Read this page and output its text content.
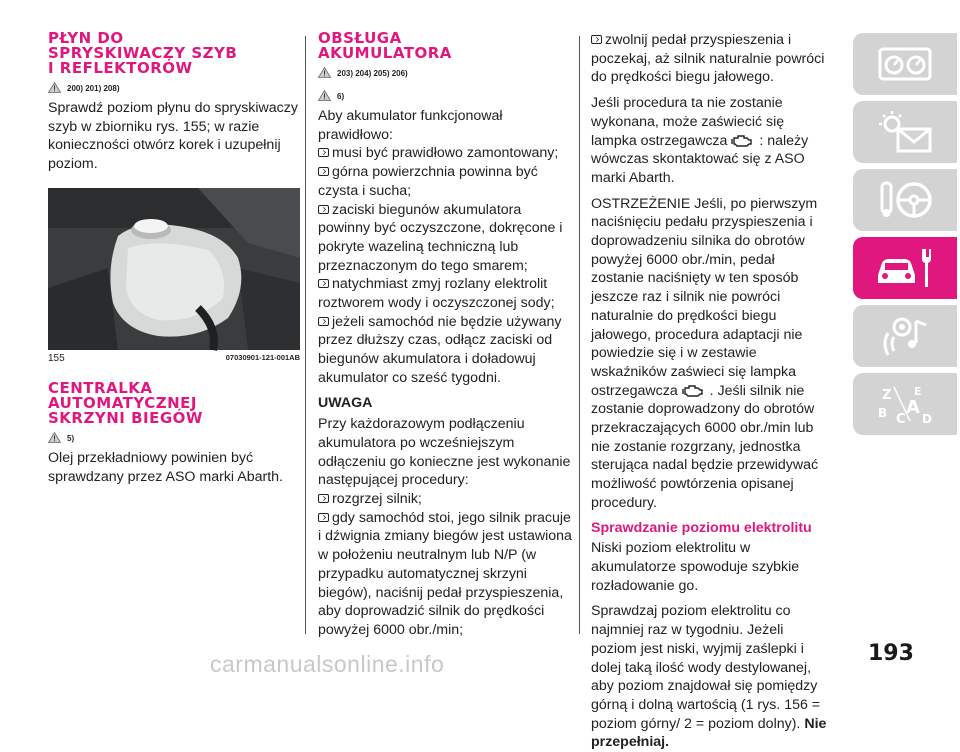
PŁYN DO
SPRYSKIWACZY SZYB
I REFLEKTORÓW
200) 201) 208)
Sprawdź poziom płynu do spryskiwaczy szyb w zbiorniku rys. 155; w razie konieczności otwórz korek i uzupełnij poziom.
155	07030901-121-001AB
CENTRALKA
AUTOMATYCZNEJ
SKRZYNI BIEGÓW
5)
Olej przekładniowy powinien być sprawdzany przez ASO marki Abarth.
OBSŁUGA
AKUMULATORA
203) 204) 205) 206)
6)
Aby akumulator funkcjonował prawidłowo:
musi być prawidłowo zamontowany;
górna powierzchnia powinna być czysta i sucha;
zaciski biegunów akumulatora powinny być oczyszczone, dokręcone i pokryte wazeliną techniczną lub przeznaczonym do tego smarem;
natychmiast zmyj rozlany elektrolit roztworem wody i oczyszczonej sody;
jeżeli samochód nie będzie używany przez dłuższy czas, odłącz zaciski od biegunów akumulatora i doładowuj akumulator co sześć tygodni.
UWAGA
Przy każdorazowym podłączeniu akumulatora po wcześniejszym odłączeniu go konieczne jest wykonanie następującej procedury:
rozgrzej silnik;
gdy samochód stoi, jego silnik pracuje i dźwignia zmiany biegów jest ustawiona w położeniu neutralnym lub N/P (w przypadku automatycznej skrzyni biegów), naciśnij pedał przyspieszenia, aby doprowadzić silnik do prędkości powyżej 6000 obr./min;
zwolnij pedał przyspieszenia i poczekaj, aż silnik naturalnie powróci do prędkości biegu jałowego.
Jeśli procedura ta nie zostanie wykonana, może zaświecić się lampka ostrzegawcza : należy wówczas skontaktować się z ASO marki Abarth.
OSTRZEŻENIE Jeśli, po pierwszym naciśnięciu pedału przyspieszenia i doprowadzeniu silnika do obrotów powyżej 6000 obr./min, pedał zostanie naciśnięty w ten sposób jeszcze raz i silnik nie powróci naturalnie do prędkości biegu jałowego, procedura adaptacji nie powiedzie się i w zestawie wskaźników zaświeci się lampka ostrzegawcza . Jeśli silnik nie zostanie doprowadzony do obrotów przekraczających 6000 obr./min lub nie zostanie rozgrzany, jednostka sterująca nadal będzie przewidywać możliwość powtórzenia opisanej procedury.
Sprawdzanie poziomu elektrolitu
Niski poziom elektrolitu w akumulatorze spowoduje szybkie rozładowanie go.
Sprawdzaj poziom elektrolitu co najmniej raz w tygodniu. Jeżeli poziom jest niski, wyjmij zaślepki i dolej taką ilość wody destylowanej, aby poziom znajdował się pomiędzy górną i dolną wartością (1 rys. 156 = poziom górny/ 2 = poziom dolny). Nie przepełniaj.
Z E
B C
A
D
193
carmanualsonline.info
